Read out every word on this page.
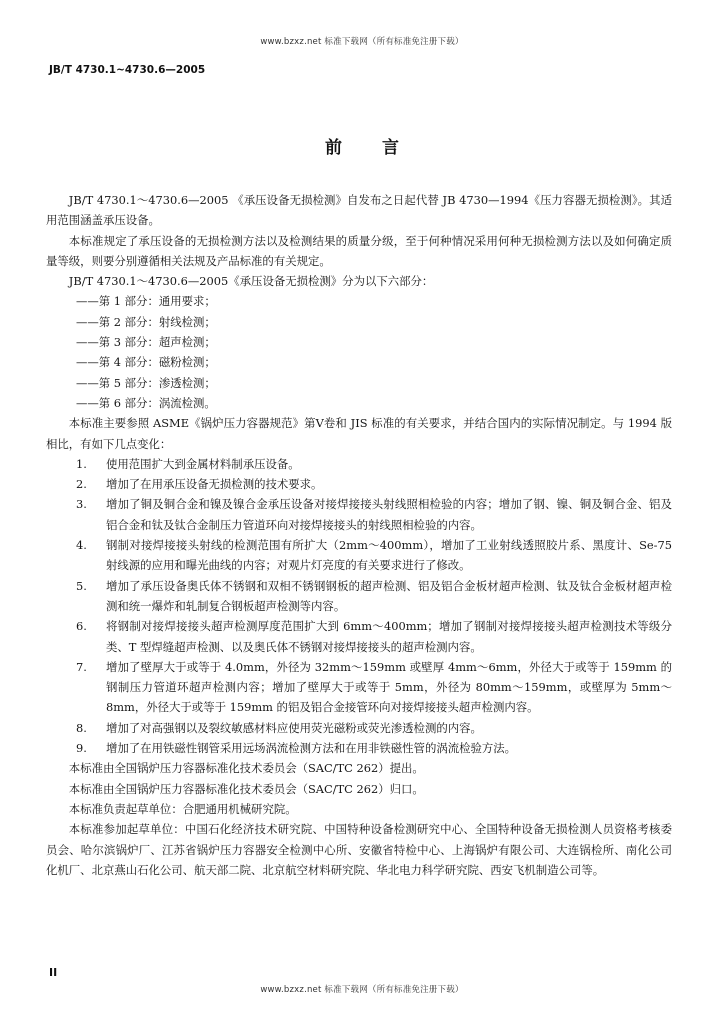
www.bzxz.net 标准下载网（所有标准免注册下载）
JB/T 4730.1~4730.6—2005
前言

JB/T 4730.1～4730.6—2005 《承压设备无损检测》自发布之日起代替 JB 4730—1994《压力容器无损检测》。其适用范围涵盖承压设备。

本标准规定了承压设备的无损检测方法以及检测结果的质量分级，至于何种情况采用何种无损检测方法以及如何确定质量等级，则要分别遵循相关法规及产品标准的有关规定。

JB/T 4730.1～4730.6—2005《承压设备无损检测》分为以下六部分：

——第 1 部分：通用要求；

——第 2 部分：射线检测；

——第 3 部分：超声检测；

——第 4 部分：磁粉检测；

——第 5 部分：渗透检测；

——第 6 部分：涡流检测。

本标准主要参照 ASME《锅炉压力容器规范》第Ⅴ卷和 JIS 标准的有关要求，并结合国内的实际情况制定。与 1994 版相比，有如下几点变化：

1.	使用范围扩大到金属材料制承压设备。
2.	增加了在用承压设备无损检测的技术要求。
3.	增加了铜及铜合金和镍及镍合金承压设备对接焊接接头射线照相检验的内容；增加了钢、镍、铜及铜合金、铝及铝合金和钛及钛合金制压力管道环向对接焊接接头的射线照相检验的内容。
4.	钢制对接焊接接头射线的检测范围有所扩大（2mm～400mm），增加了工业射线透照胶片系、黑度计、Se-75 射线源的应用和曝光曲线的内容；对观片灯亮度的有关要求进行了修改。
5.	增加了承压设备奥氏体不锈钢和双相不锈钢钢板的超声检测、铝及铝合金板材超声检测、钛及钛合金板材超声检测和统一爆炸和轧制复合钢板超声检测等内容。
6.	将钢制对接焊接接头超声检测厚度范围扩大到 6mm～400mm；增加了钢制对接焊接接头超声检测技术等级分类、T 型焊缝超声检测、以及奥氏体不锈钢对接焊接接头的超声检测内容。
7.	增加了壁厚大于或等于 4.0mm，外径为 32mm～159mm 或壁厚 4mm～6mm，外径大于或等于 159mm 的钢制压力管道环超声检测内容；增加了壁厚大于或等于 5mm，外径为 80mm～159mm，或壁厚为 5mm～8mm，外径大于或等于 159mm 的铝及铝合金接管环向对接焊接接头超声检测内容。
8.	增加了对高强钢以及裂纹敏感材料应使用荧光磁粉或荧光渗透检测的内容。
9.	增加了在用铁磁性钢管采用远场涡流检测方法和在用非铁磁性管的涡流检验方法。

本标准由全国锅炉压力容器标准化技术委员会（SAC/TC 262）提出。

本标准由全国锅炉压力容器标准化技术委员会（SAC/TC 262）归口。

本标准负责起草单位：合肥通用机械研究院。

本标准参加起草单位：中国石化经济技术研究院、中国特种设备检测研究中心、全国特种设备无损检测人员资格考核委员会、哈尔滨锅炉厂、江苏省锅炉压力容器安全检测中心所、安徽省特检中心、上海锅炉有限公司、大连锅检所、南化公司化机厂、北京燕山石化公司、航天部二院、北京航空材料研究院、华北电力科学研究院、西安飞机制造公司等。

II
www.bzxz.net 标准下载网（所有标准免注册下载）
